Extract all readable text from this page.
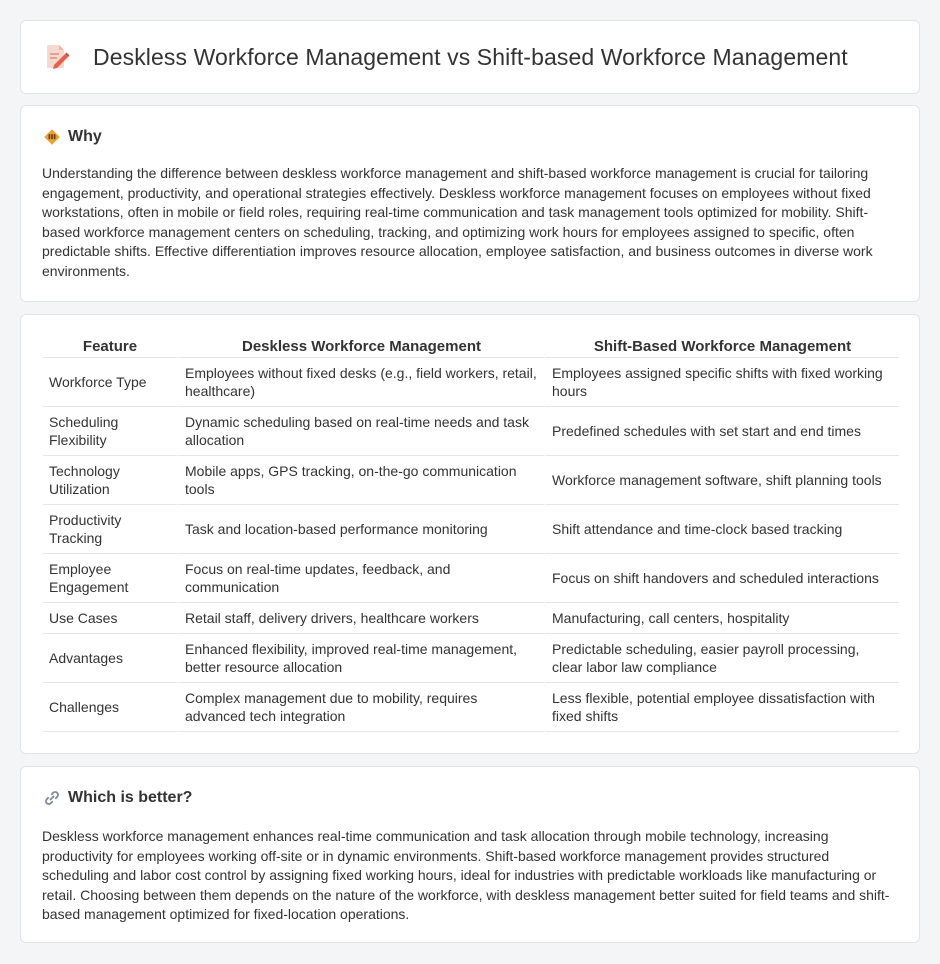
Deskless Workforce Management vs Shift-based Workforce Management
Why

Understanding the difference between deskless workforce management and shift-based workforce management is crucial for tailoring engagement, productivity, and operational strategies effectively. Deskless workforce management focuses on employees without fixed workstations, often in mobile or field roles, requiring real-time communication and task management tools optimized for mobility. Shift-based workforce management centers on scheduling, tracking, and optimizing work hours for employees assigned to specific, often predictable shifts. Effective differentiation improves resource allocation, employee satisfaction, and business outcomes in diverse work environments.

Feature	Deskless Workforce Management	Shift-Based Workforce Management
Workforce Type	Employees without fixed desks (e.g., field workers, retail, healthcare)	Employees assigned specific shifts with fixed working hours
Scheduling Flexibility	Dynamic scheduling based on real-time needs and task allocation	Predefined schedules with set start and end times
Technology Utilization	Mobile apps, GPS tracking, on-the-go communication tools	Workforce management software, shift planning tools
Productivity Tracking	Task and location-based performance monitoring	Shift attendance and time-clock based tracking
Employee Engagement	Focus on real-time updates, feedback, and communication	Focus on shift handovers and scheduled interactions
Use Cases	Retail staff, delivery drivers, healthcare workers	Manufacturing, call centers, hospitality
Advantages	Enhanced flexibility, improved real-time management, better resource allocation	Predictable scheduling, easier payroll processing, clear labor law compliance
Challenges	Complex management due to mobility, requires advanced tech integration	Less flexible, potential employee dissatisfaction with fixed shifts
Which is better?

Deskless workforce management enhances real-time communication and task allocation through mobile technology, increasing productivity for employees working off-site or in dynamic environments. Shift-based workforce management provides structured scheduling and labor cost control by assigning fixed working hours, ideal for industries with predictable workloads like manufacturing or retail. Choosing between them depends on the nature of the workforce, with deskless management better suited for field teams and shift-based management optimized for fixed-location operations.
